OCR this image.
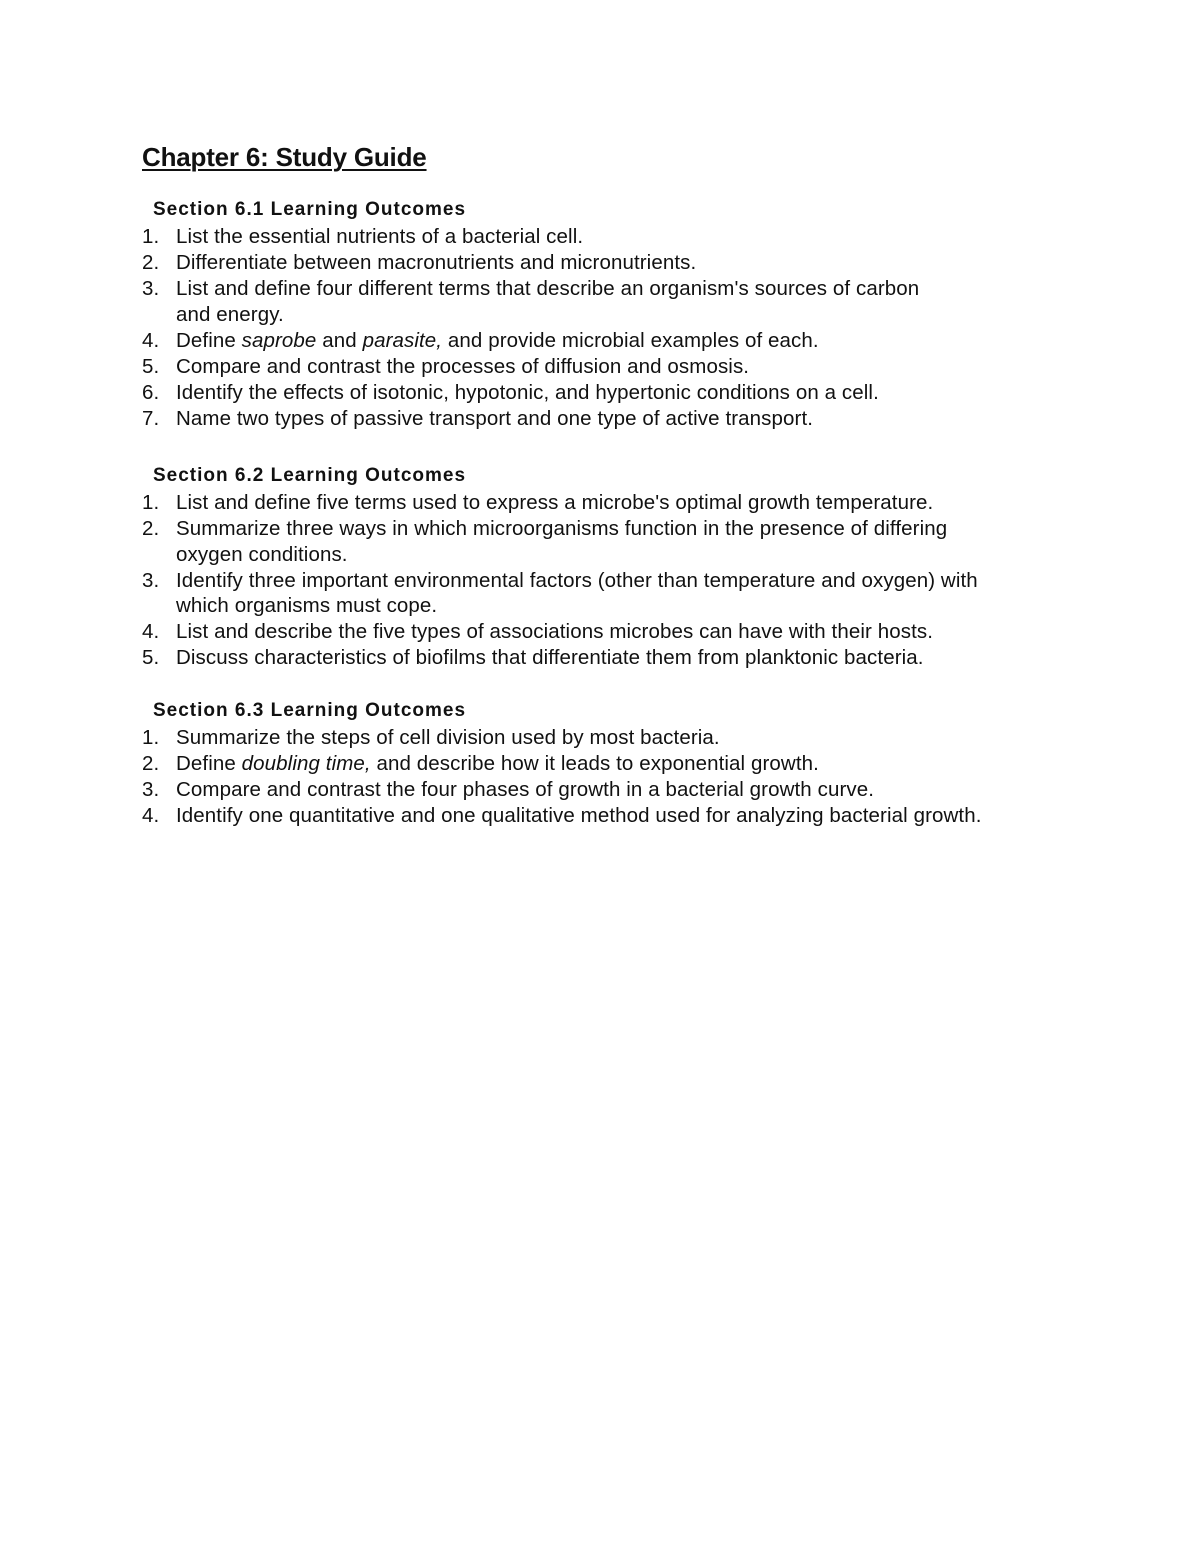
Chapter 6: Study Guide
Section 6.1 Learning Outcomes
1. List the essential nutrients of a bacterial cell.
2. Differentiate between macronutrients and micronutrients.
3. List and define four different terms that describe an organism's sources of carbon and energy.
4. Define saprobe and parasite, and provide microbial examples of each.
5. Compare and contrast the processes of diffusion and osmosis.
6. Identify the effects of isotonic, hypotonic, and hypertonic conditions on a cell.
7. Name two types of passive transport and one type of active transport.
Section 6.2 Learning Outcomes
1. List and define five terms used to express a microbe's optimal growth temperature.
2. Summarize three ways in which microorganisms function in the presence of differing oxygen conditions.
3. Identify three important environmental factors (other than temperature and oxygen) with which organisms must cope.
4. List and describe the five types of associations microbes can have with their hosts.
5. Discuss characteristics of biofilms that differentiate them from planktonic bacteria.
Section 6.3 Learning Outcomes
1. Summarize the steps of cell division used by most bacteria.
2. Define doubling time, and describe how it leads to exponential growth.
3. Compare and contrast the four phases of growth in a bacterial growth curve.
4. Identify one quantitative and one qualitative method used for analyzing bacterial growth.
